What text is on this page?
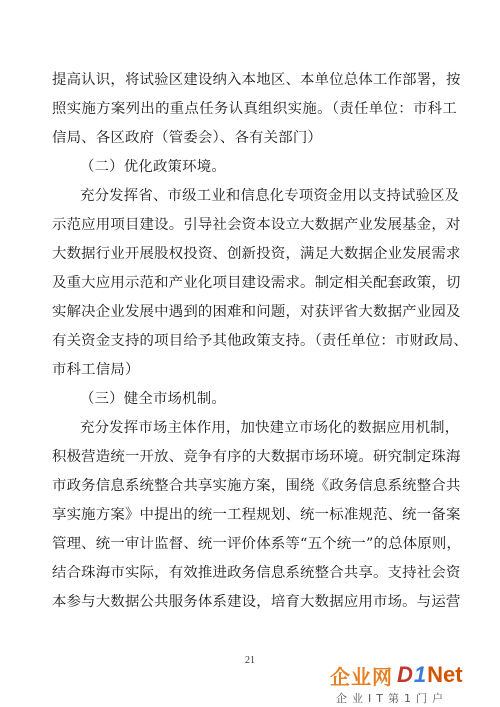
提高认识，将试验区建设纳入本地区、本单位总体工作部署，按
照实施方案列出的重点任务认真组织实施。（责任单位：市科工
信局、各区政府（管委会）、各有关部门）
（二）优化政策环境。
充分发挥省、市级工业和信息化专项资金用以支持试验区及
示范应用项目建设。引导社会资本设立大数据产业发展基金，对
大数据行业开展股权投资、创新投资，满足大数据企业发展需求
及重大应用示范和产业化项目建设需求。制定相关配套政策，切
实解决企业发展中遇到的困难和问题，对获评省大数据产业园及
有关资金支持的项目给予其他政策支持。（责任单位：市财政局、
市科工信局）
（三）健全市场机制。
充分发挥市场主体作用，加快建立市场化的数据应用机制，
积极营造统一开放、竞争有序的大数据市场环境。研究制定珠海
市政务信息系统整合共享实施方案，围绕《政务信息系统整合共
享实施方案》中提出的统一工程规划、统一标准规范、统一备案
管理、统一审计监督、统一评价体系等“五个统一”的总体原则，
结合珠海市实际，有效推进政务信息系统整合共享。支持社会资
本参与大数据公共服务体系建设，培育大数据应用市场。与运营
21
企业网 D 1 Net
企业IT第1门户
